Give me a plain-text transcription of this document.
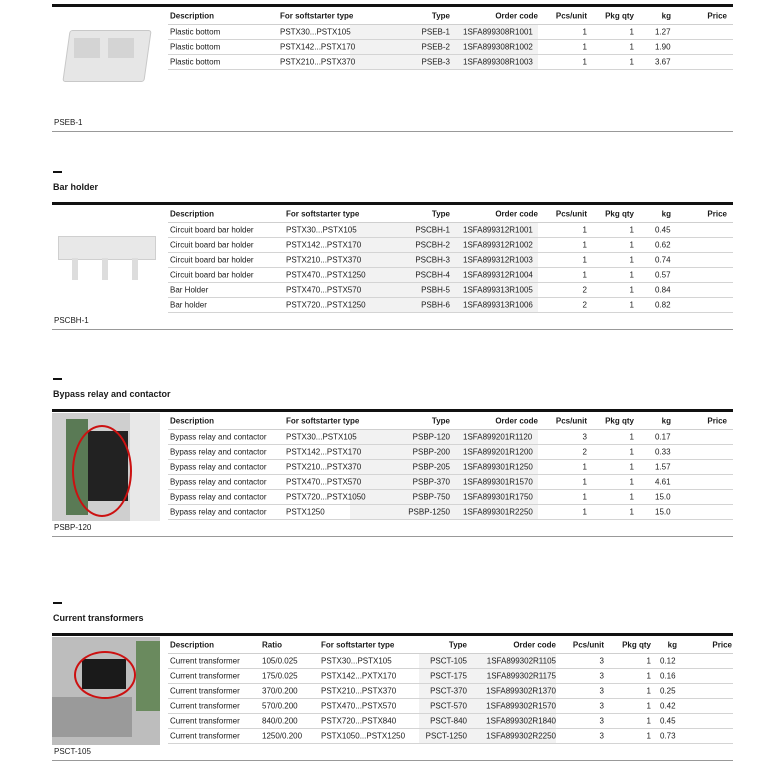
Description	For softstarter type	Type	Order code Pcs/unit Pkg qty	kg	Price
Plastic bottom	PSTX30...PSTX105	PSEB-1 1SFA899308R1001	1	1	1.27
Plastic bottom	PSTX142...PSTX170	PSEB-2 1SFA899308R1002	1	1	1.90
Plastic bottom	PSTX210...PSTX370	PSEB-3 1SFA899308R1003	1	1	3.67
PSEB-1
Bar holder
Description	For softstarter type	Type	Order code Pcs/unit Pkg qty	kg	Price
Circuit board bar holder	PSTX30...PSTX105	PSCBH-1 1SFA899312R1001	1	1	0.45
Circuit board bar holder	PSTX142...PSTX170	PSCBH-2 1SFA899312R1002	1	1	0.62
Circuit board bar holder	PSTX210...PSTX370	PSCBH-3 1SFA899312R1003	1	1	0.74
Circuit board bar holder	PSTX470...PSTX1250	PSCBH-4 1SFA899312R1004	1	1	0.57
Bar Holder	PSTX470...PSTX570	PSBH-5 1SFA899313R1005	2	1	0.84
Bar holder	PSTX720...PSTX1250	PSBH-6 1SFA899313R1006	2	1	0.82
PSCBH-1
Bypass relay and contactor
Description	For softstarter type	Type	Order code Pcs/unit Pkg qty	kg	Price
Bypass relay and contactor PSTX30...PSTX105	PSBP-120 1SFA899201R1120	3	1	0.17
Bypass relay and contactor PSTX142...PSTX170	PSBP-200 1SFA899201R1200	2	1	0.33
Bypass relay and contactor PSTX210...PSTX370	PSBP-205 1SFA899301R1250	1	1	1.57
Bypass relay and contactor PSTX470...PSTX570	PSBP-370 1SFA899301R1570	1	1	4.61
Bypass relay and contactor PSTX720...PSTX1050	PSBP-750 1SFA899301R1750	1	1	15.0
Bypass relay and contactor PSTX1250	PSBP-1250 1SFA899301R2250	1	1	15.0
PSBP-120
Current transformers
Description	Ratio	For softstarter type	Type	Order code Pcs/unit Pkg qty kg	Price
Current transformer	105/0.025	PSTX30...PSTX105	PSCT-105 1SFA899302R1105	3	1 0.12
Current transformer	175/0.025	PSTX142...PXTX170	PSCT-175 1SFA899302R1175	3	1 0.16
Current transformer	370/0.200	PSTX210...PSTX370	PSCT-370 1SFA899302R1370	3	1 0.25
Current transformer	570/0.200	PSTX470...PSTX570	PSCT-570 1SFA899302R1570	3	1 0.42
Current transformer	840/0.200	PSTX720...PSTX840	PSCT-840 1SFA899302R1840	3	1 0.45
Current transformer	1250/0.200 PSTX1050...PSTX1250	PSCT-1250 1SFA899302R2250	3	1 0.73
PSCT-105
